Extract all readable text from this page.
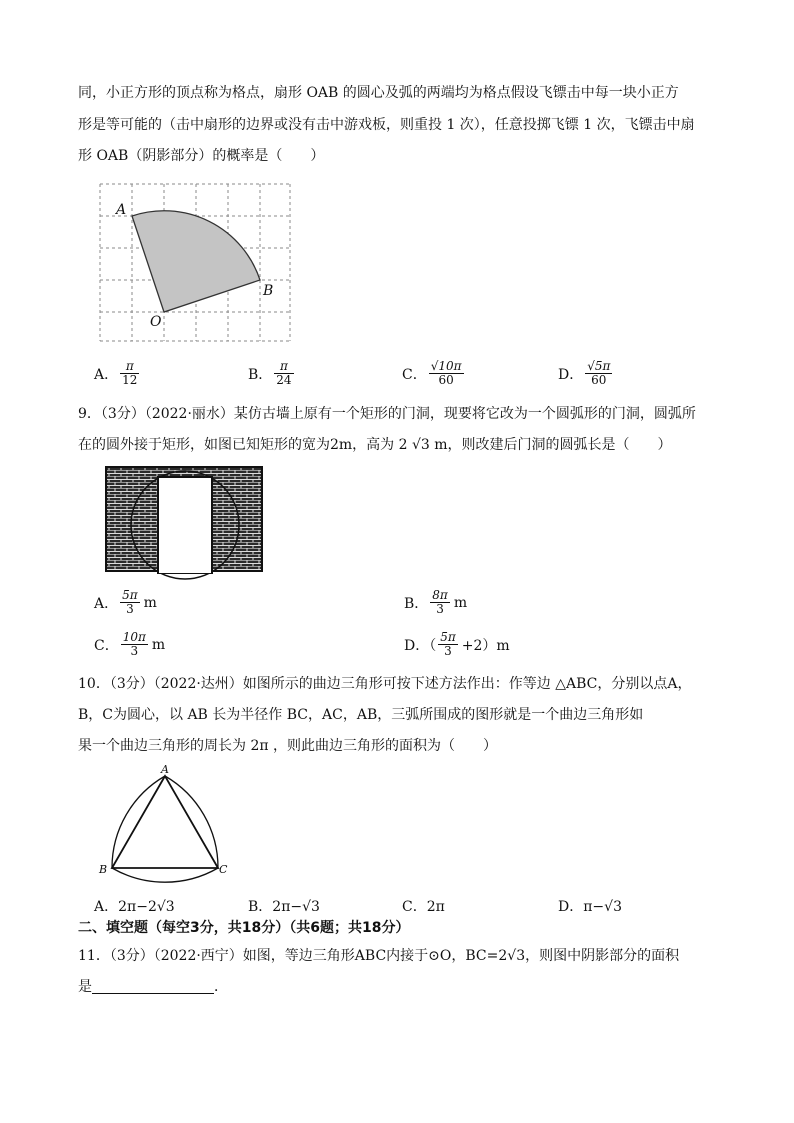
同，小正方形的顶点称为格点，扇形 OAB 的圆心及弧的两端均为格点假设飞镖击中每一块小正方
形是等可能的（击中扇形的边界或没有击中游戏板，则重投 1 次），任意投掷飞镖 1 次，飞镖击中扇
形 OAB（阴影部分）的概率是（　　）
A
B
O
A． $\frac{\pi}{12}$	B． $\frac{\pi}{24}$	C． $\frac{√10\pi}{60}$	D． $\frac{√5\pi}{60}$
9．（3分）（2022·丽水）某仿古墙上原有一个矩形的门洞，现要将它改为一个圆弧形的门洞，圆弧所
在的圆外接于矩形，如图已知矩形的宽为2m，高为 2 √3 m，则改建后门洞的圆弧长是（　　）
A． $\frac{5\pi}{3}$ m	B． $\frac{8\pi}{3}$ m
C． $\frac{10\pi}{3}$ m	D．（ $\frac{5\pi}{3} +2)m$
10．（3分）（2022·达州）如图所示的曲边三角形可按下述方法作出：作等边 △ABC，分别以点A，
B，C为圆心，以 AB 长为半径作 BC，AC，AB，三弧所围成的图形就是一个曲边三角形如
果一个曲边三角形的周长为 2π ，则此曲边三角形的面积为（　　）
A
B	C
A．2π−2√3	B．2π−√3	C．2π	D．π−√3
二、填空题（每空3分，共18分）（共6题；共18分）
11．（3分）（2022·西宁）如图，等边三角形ABC内接于⊙O，BC=2√3，则图中阴影部分的面积
是	．
